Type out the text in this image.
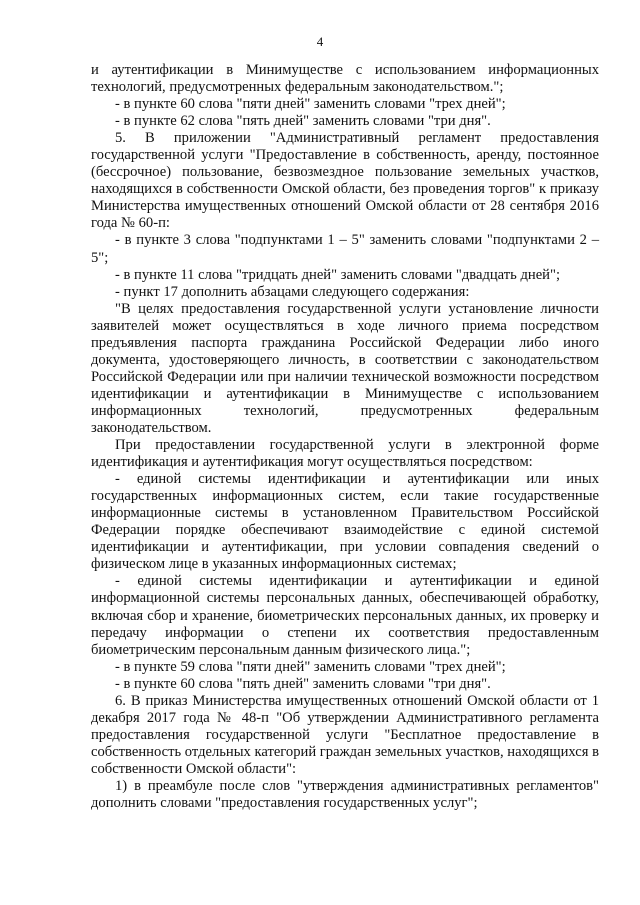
4

и аутентификации в Минимуществе с использованием информационных технологий, предусмотренных федеральным законодательством.";

- в пункте 60 слова "пяти дней" заменить словами "трех дней";

- в пункте 62 слова "пять дней" заменить словами "три дня".

5. В приложении "Административный регламент предоставления государственной услуги "Предоставление в собственность, аренду, постоянное (бессрочное) пользование, безвозмездное пользование земельных участков, находящихся в собственности Омской области, без проведения торгов" к приказу Министерства имущественных отношений Омской области от 28 сентября 2016 года № 60-п:

- в пункте 3 слова "подпунктами 1 – 5" заменить словами "подпунктами 2 – 5";

- в пункте 11 слова "тридцать дней" заменить словами "двадцать дней";

- пункт 17 дополнить абзацами следующего содержания:

"В целях предоставления государственной услуги установление личности заявителей может осуществляться в ходе личного приема посредством предъявления паспорта гражданина Российской Федерации либо иного документа, удостоверяющего личность, в соответствии с законодательством Российской Федерации или при наличии технической возможности посредством идентификации и аутентификации в Минимуществе с использованием информационных технологий, предусмотренных федеральным законодательством.

При предоставлении государственной услуги в электронной форме идентификация и аутентификация могут осуществляться посредством:

- единой системы идентификации и аутентификации или иных государственных информационных систем, если такие государственные информационные системы в установленном Правительством Российской Федерации порядке обеспечивают взаимодействие с единой системой идентификации и аутентификации, при условии совпадения сведений о физическом лице в указанных информационных системах;

- единой системы идентификации и аутентификации и единой информационной системы персональных данных, обеспечивающей обработку, включая сбор и хранение, биометрических персональных данных, их проверку и передачу информации о степени их соответствия предоставленным биометрическим персональным данным физического лица.";

- в пункте 59 слова "пяти дней" заменить словами "трех дней";

- в пункте 60 слова "пять дней" заменить словами "три дня".

6. В приказ Министерства имущественных отношений Омской области от 1 декабря 2017 года № 48-п "Об утверждении Административного регламента предоставления государственной услуги "Бесплатное предоставление в собственность отдельных категорий граждан земельных участков, находящихся в собственности Омской области":

1) в преамбуле после слов "утверждения административных регламентов" дополнить словами "предоставления государственных услуг";
